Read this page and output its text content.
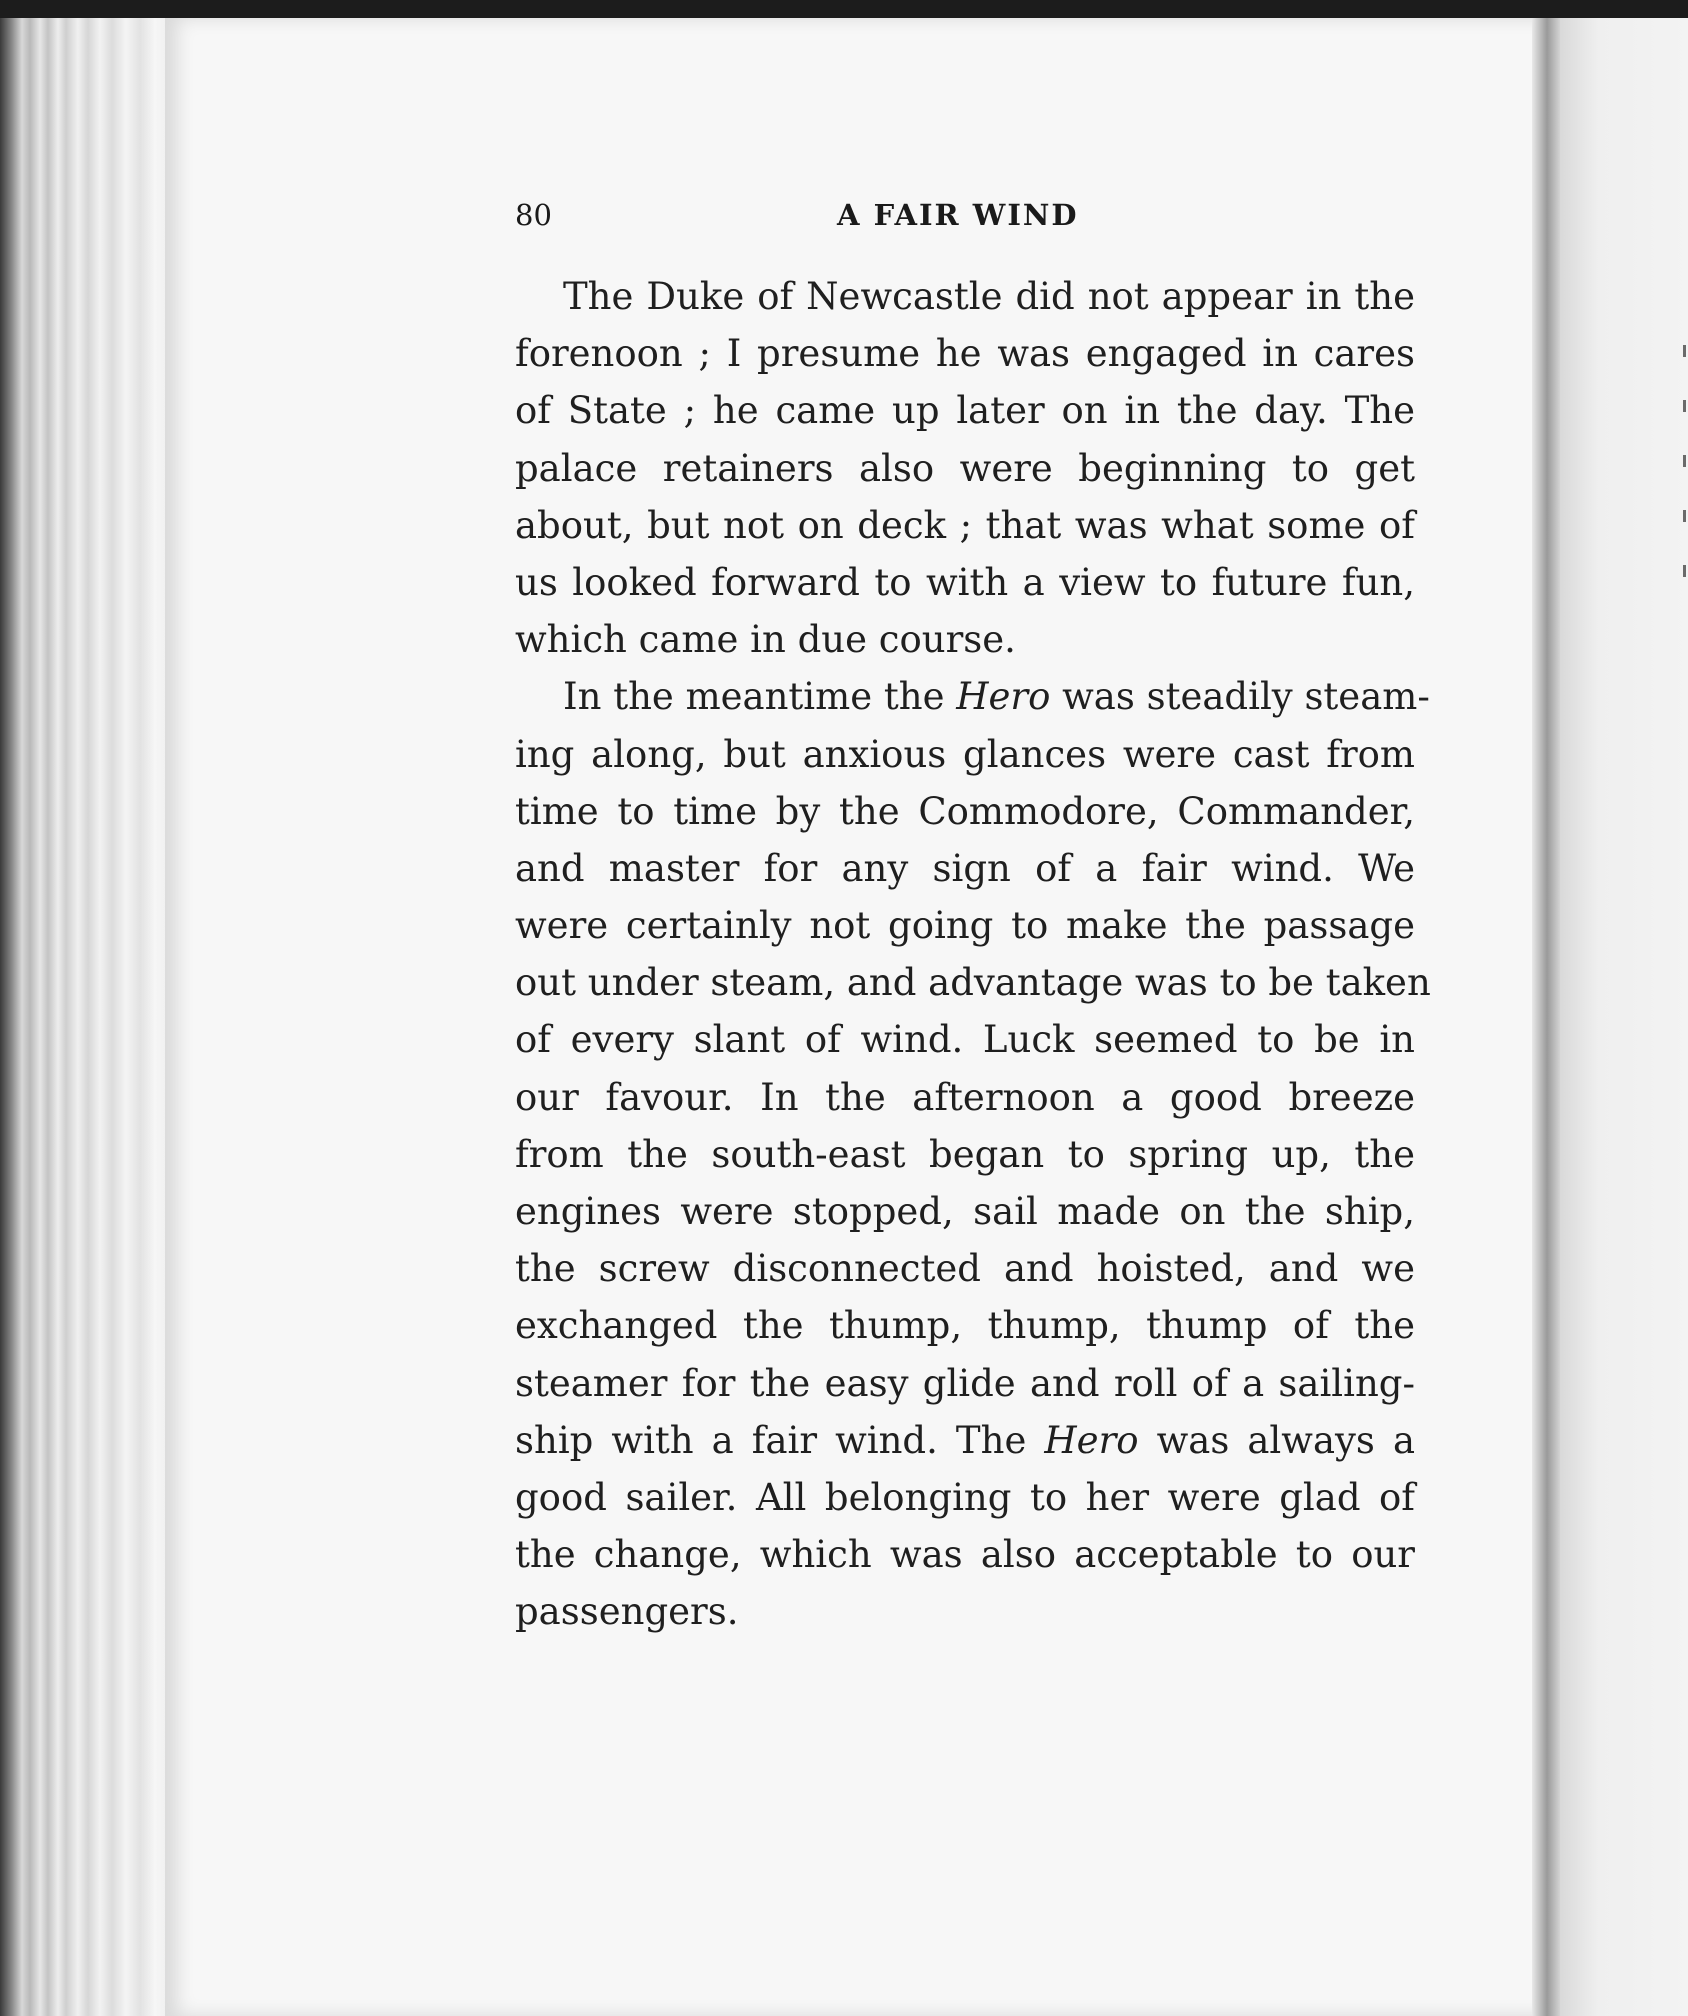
80	A FAIR WIND
The Duke of Newcastle did not appear in the
forenoon ; I presume he was engaged in cares
of State ; he came up later on in the day. The
palace retainers also were beginning to get
about, but not on deck ; that was what some of
us looked forward to with a view to future fun,
which came in due course.
In the meantime the Hero was steadily steam-
ing along, but anxious glances were cast from
time to time by the Commodore, Commander,
and master for any sign of a fair wind. We
were certainly not going to make the passage
out under steam, and advantage was to be taken
of every slant of wind. Luck seemed to be in
our favour. In the afternoon a good breeze
from the south-east began to spring up, the
engines were stopped, sail made on the ship,
the screw disconnected and hoisted, and we
exchanged the thump, thump, thump of the
steamer for the easy glide and roll of a sailing-
ship with a fair wind. The Hero was always a
good sailer. All belonging to her were glad of
the change, which was also acceptable to our
passengers.
